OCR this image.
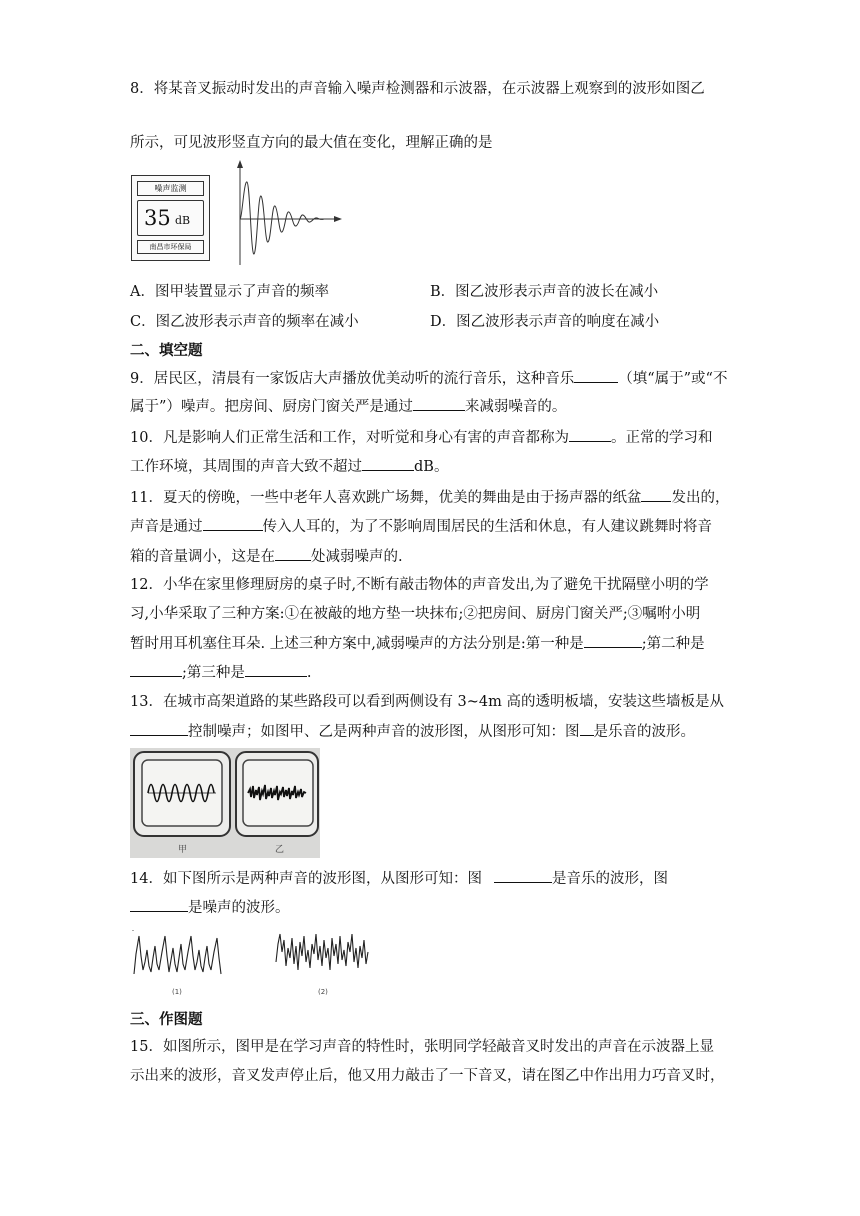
8．将某音叉振动时发出的声音输入噪声检测器和示波器，在示波器上观察到的波形如图乙
所示，可见波形竖直方向的最大值在变化，理解正确的是
噪声监测
35 dB
南昌市环保局
A．图甲装置显示了声音的频率	B．图乙波形表示声音的波长在减小
C．图乙波形表示声音的频率在减小	D．图乙波形表示声音的响度在减小
二、填空题
9．居民区，清晨有一家饭店大声播放优美动听的流行音乐，这种音乐	（填“属于”或“不
属于”）噪声。把房间、厨房门窗关严是通过	来减弱噪音的。
10．凡是影响人们正常生活和工作，对听觉和身心有害的声音都称为	。正常的学习和
工作环境，其周围的声音大致不超过	dB。
11．夏天的傍晚，一些中老年人喜欢跳广场舞，优美的舞曲是由于扬声器的纸盆 发出的，
声音是通过	传入人耳的，为了不影响周围居民的生活和休息，有人建议跳舞时将音
箱的音量调小，这是在 处减弱噪声的.
12．小华在家里修理厨房的桌子时,不断有敲击物体的声音发出,为了避免干扰隔壁小明的学
习,小华采取了三种方案:①在被敲的地方垫一块抹布;②把房间、厨房门窗关严;③嘱咐小明
暂时用耳机塞住耳朵. 上述三种方案中,减弱噪声的方法分别是:第一种是	;第二种是
;第三种是	.
13．在城市高架道路的某些路段可以看到两侧设有 3~4m 高的透明板墙，安装这些墙板是从
控制噪声；如图甲、乙是两种声音的波形图，从图形可知：图 是乐音的波形。
甲	乙
14．如下图所示是两种声音的波形图，从图形可知：图	是音乐的波形，图
是噪声的波形。
(1)	(2)
三、作图题
15．如图所示，图甲是在学习声音的特性时，张明同学轻敲音叉时发出的声音在示波器上显
示出来的波形，音叉发声停止后，他又用力敲击了一下音叉，请在图乙中作出用力巧音叉时，
